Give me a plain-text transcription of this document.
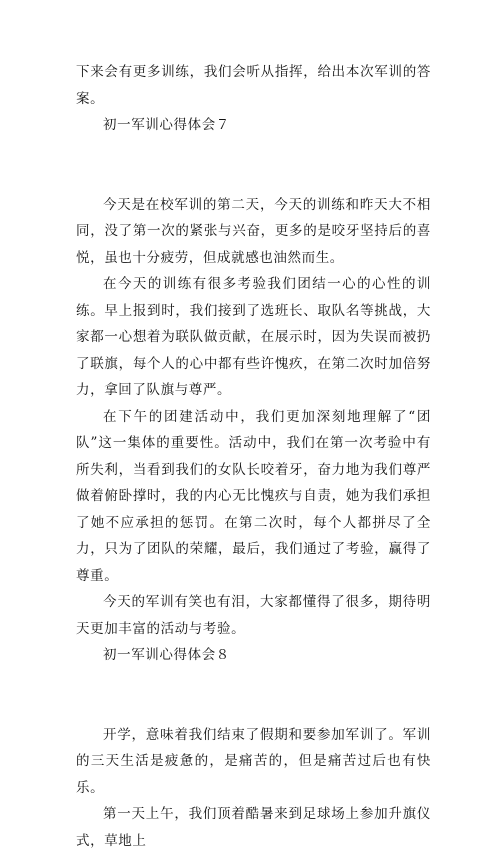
下来会有更多训练，我们会听从指挥，给出本次军训的答案。

初一军训心得体会７

今天是在校军训的第二天，今天的训练和昨天大不相同，没了第一次的紧张与兴奋，更多的是咬牙坚持后的喜悦，虽也十分疲劳，但成就感也油然而生。

在今天的训练有很多考验我们团结一心的心性的训练。早上报到时，我们接到了选班长、取队名等挑战，大家都一心想着为联队做贡献，在展示时，因为失误而被扔了联旗，每个人的心中都有些许愧疚，在第二次时加倍努力，拿回了队旗与尊严。

在下午的团建活动中，我们更加深刻地理解了“团队”这一集体的重要性。活动中，我们在第一次考验中有所失利，当看到我们的女队长咬着牙，奋力地为我们尊严做着俯卧撑时，我的内心无比愧疚与自责，她为我们承担了她不应承担的惩罚。在第二次时，每个人都拼尽了全力，只为了团队的荣耀，最后，我们通过了考验，赢得了尊重。

今天的军训有笑也有泪，大家都懂得了很多，期待明天更加丰富的活动与考验。

初一军训心得体会８

开学，意味着我们结束了假期和要参加军训了。军训的三天生活是疲惫的，是痛苦的，但是痛苦过后也有快乐。

第一天上午，我们顶着酷暑来到足球场上参加升旗仪式，草地上
